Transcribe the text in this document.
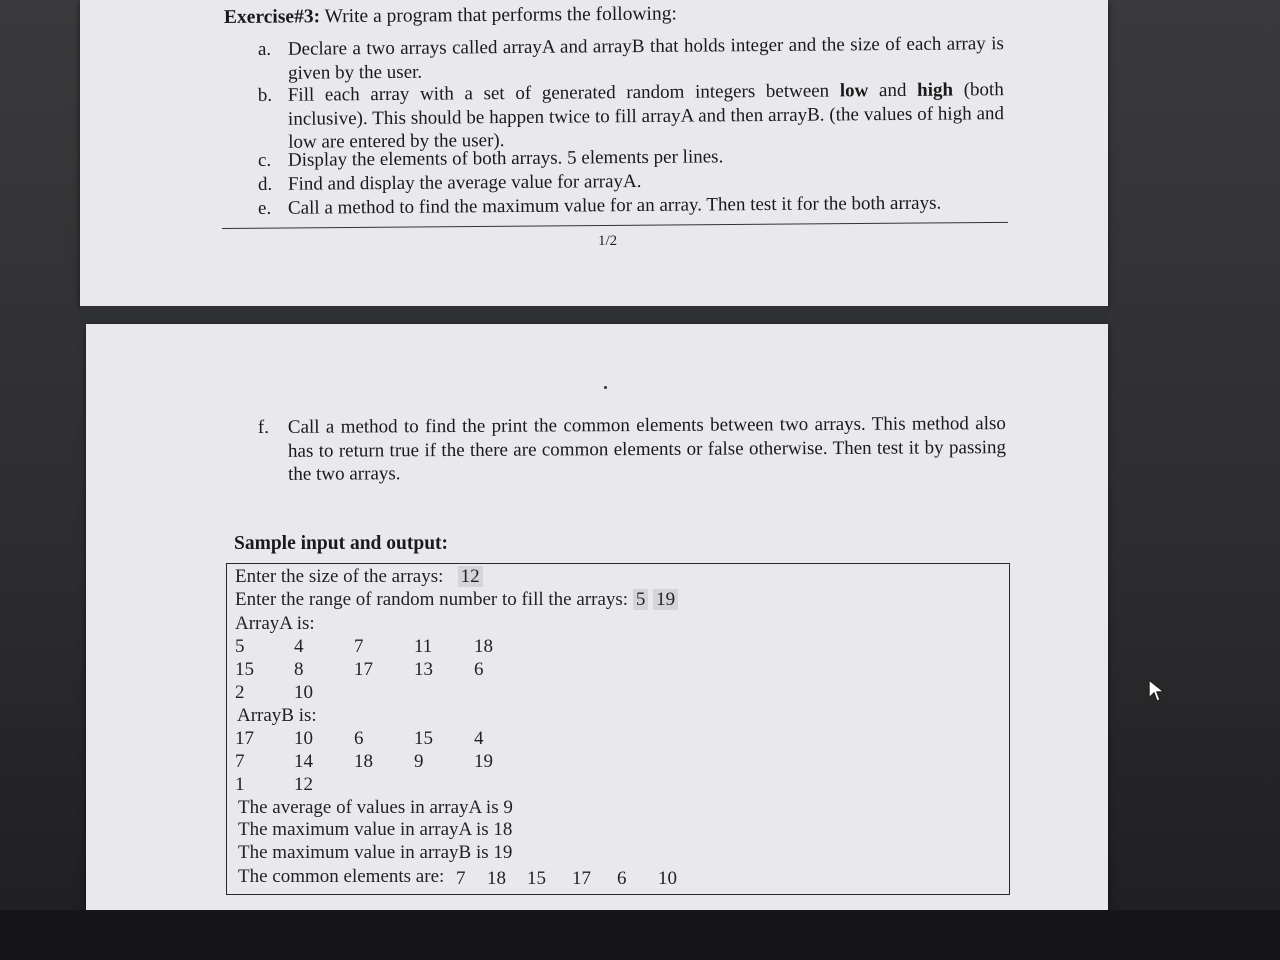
Exercise#3: Write a program that performs the following:
a. Declare a two arrays called arrayA and arrayB that holds integer and the size of each array is given by the user.
b. Fill each array with a set of generated random integers between low and high (both inclusive). This should be happen twice to fill arrayA and then arrayB. (the values of high and low are entered by the user).
c. Display the elements of both arrays. 5 elements per lines.
d. Find and display the average value for arrayA.
e. Call a method to find the maximum value for an array. Then test it for the both arrays.
1/2
f. Call a method to find the print the common elements between two arrays. This method also has to return true if the there are common elements or false otherwise. Then test it by passing the two arrays.
Sample input and output:
Enter the size of the arrays: 12
Enter the range of random number to fill the arrays: 5 19
ArrayA is:
5	4	7	11 18
15 8	17 13 6
2	10
ArrayB is:
17 10 6	15 4
7	14 18 9	19
1	12
The average of values in arrayA is 9
The maximum value in arrayA is 18
The maximum value in arrayB is 19
The common elements are: 7 18 15 17 6 10
